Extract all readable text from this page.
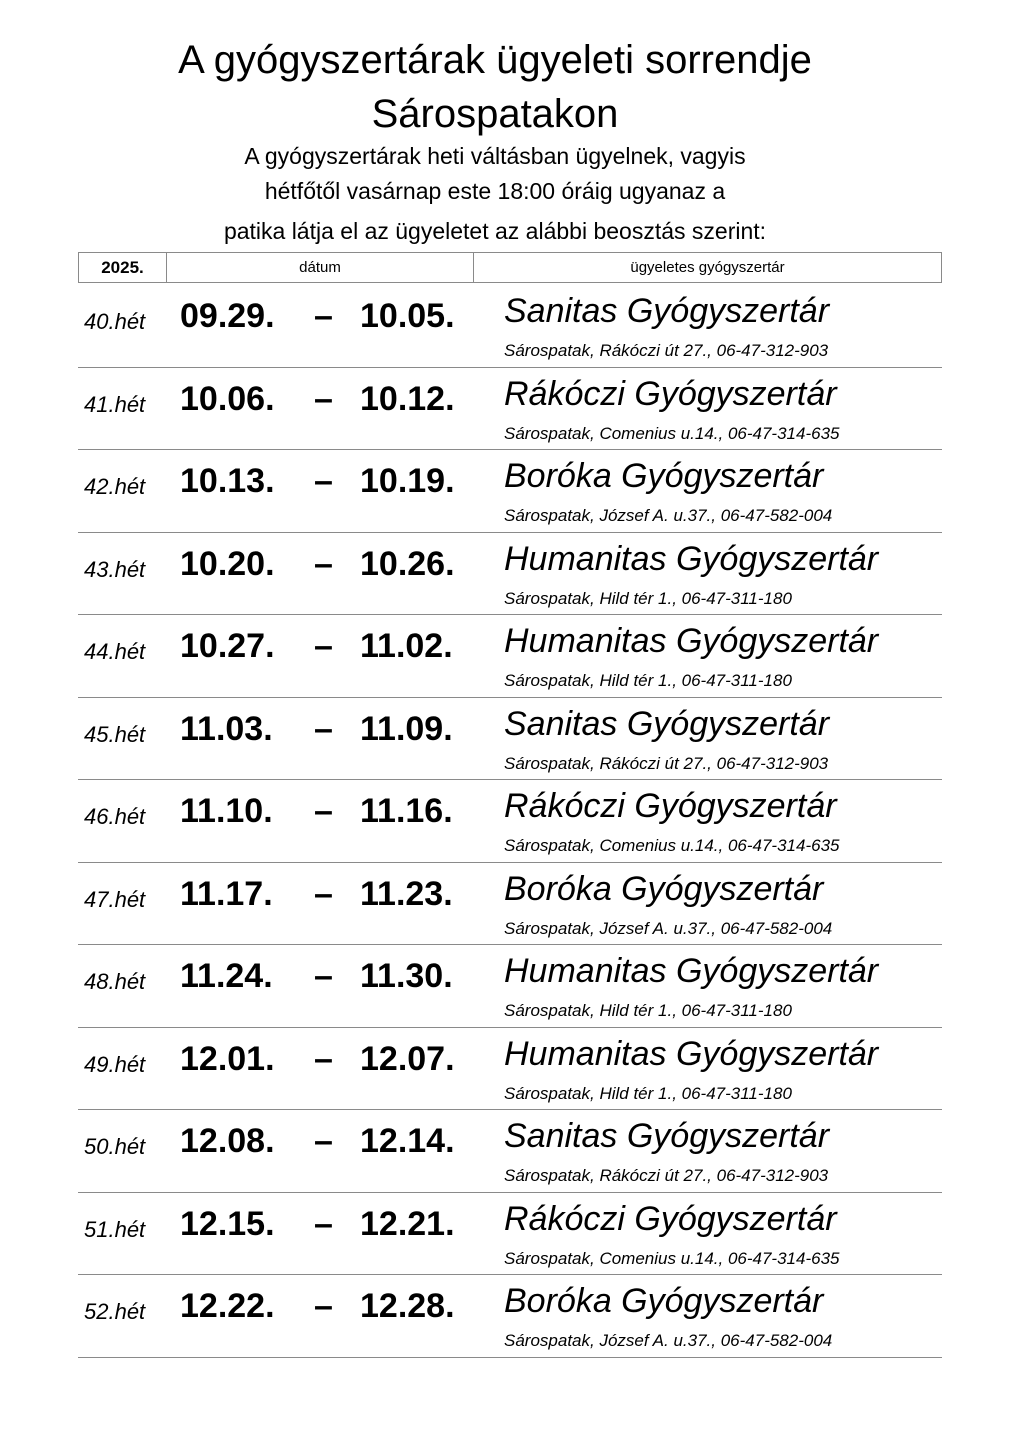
A gyógyszertárak ügyeleti sorrendje
Sárospatakon
A gyógyszertárak heti váltásban ügyelnek, vagyis
hétfőtől vasárnap este 18:00 óráig ugyanaz a
patika látja el az ügyeletet az alábbi beosztás szerint:
2025.	dátum	ügyeletes gyógyszertár
40.hét 09.29. – 10.05. Sanitas Gyógyszertár
Sárospatak, Rákóczi út 27., 06-47-312-903
41.hét 10.06. – 10.12. Rákóczi Gyógyszertár
Sárospatak, Comenius u.14., 06-47-314-635
42.hét 10.13. – 10.19. Boróka Gyógyszertár
Sárospatak, József A. u.37., 06-47-582-004
43.hét 10.20. – 10.26. Humanitas Gyógyszertár
Sárospatak, Hild tér 1., 06-47-311-180
44.hét 10.27. – 11.02. Humanitas Gyógyszertár
Sárospatak, Hild tér 1., 06-47-311-180
45.hét 11.03. – 11.09. Sanitas Gyógyszertár
Sárospatak, Rákóczi út 27., 06-47-312-903
46.hét 11.10. – 11.16. Rákóczi Gyógyszertár
Sárospatak, Comenius u.14., 06-47-314-635
47.hét 11.17. – 11.23. Boróka Gyógyszertár
Sárospatak, József A. u.37., 06-47-582-004
48.hét 11.24. – 11.30. Humanitas Gyógyszertár
Sárospatak, Hild tér 1., 06-47-311-180
49.hét 12.01. – 12.07. Humanitas Gyógyszertár
Sárospatak, Hild tér 1., 06-47-311-180
50.hét 12.08. – 12.14. Sanitas Gyógyszertár
Sárospatak, Rákóczi út 27., 06-47-312-903
51.hét 12.15. – 12.21. Rákóczi Gyógyszertár
Sárospatak, Comenius u.14., 06-47-314-635
52.hét 12.22. – 12.28. Boróka Gyógyszertár
Sárospatak, József A. u.37., 06-47-582-004
